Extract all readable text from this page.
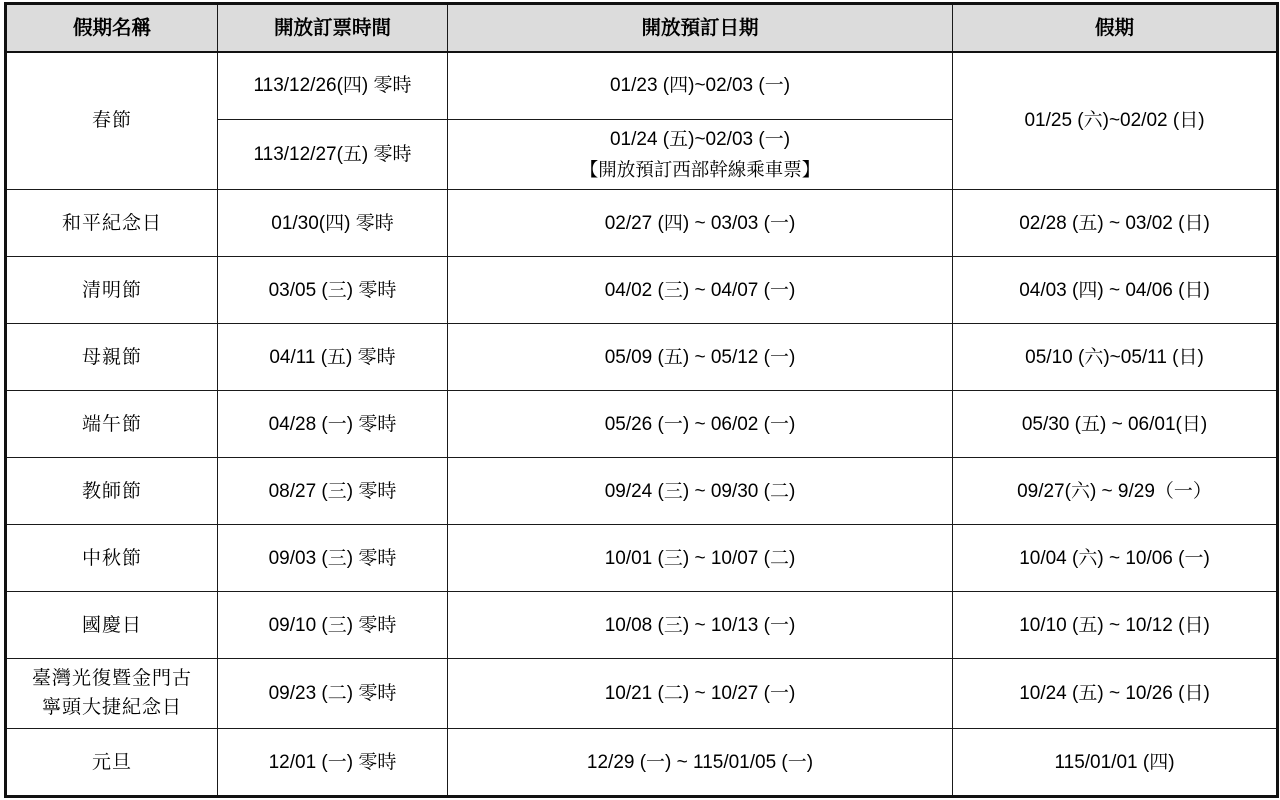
假期名稱	開放訂票時間	開放預訂日期	假期
春節	113/12/26(四) 零時	01/23 (四)~02/03 (一)	01/25 (六)~02/02 (日)
	113/12/27(五) 零時	01/24 (五)~02/03 (一)
【開放預訂西部幹線乘車票】	

和平紀念日	01/30(四) 零時	02/27 (四) ~ 03/03 (一)	02/28 (五) ~ 03/02 (日)
清明節	03/05 (三) 零時	04/02 (三) ~ 04/07 (一)	04/03 (四) ~ 04/06 (日)
母親節	04/11 (五) 零時	05/09 (五) ~ 05/12 (一)	05/10 (六)~05/11 (日)
端午節	04/28 (一) 零時	05/26 (一) ~ 06/02 (一)	05/30 (五) ~ 06/01(日)
教師節	08/27 (三) 零時	09/24 (三) ~ 09/30 (二)	09/27(六) ~ 9/29（一）
中秋節	09/03 (三) 零時	10/01 (三) ~ 10/07 (二)	10/04 (六) ~ 10/06 (一)
國慶日	09/10 (三) 零時	10/08 (三) ~ 10/13 (一)	10/10 (五) ~ 10/12 (日)

臺灣光復暨金門古
寧頭大捷紀念日	09/23 (二) 零時	10/21 (二) ~ 10/27 (一)	10/24 (五) ~ 10/26 (日)
元旦	12/01 (一) 零時	12/29 (一) ~ 115/01/05 (一)	115/01/01 (四)
